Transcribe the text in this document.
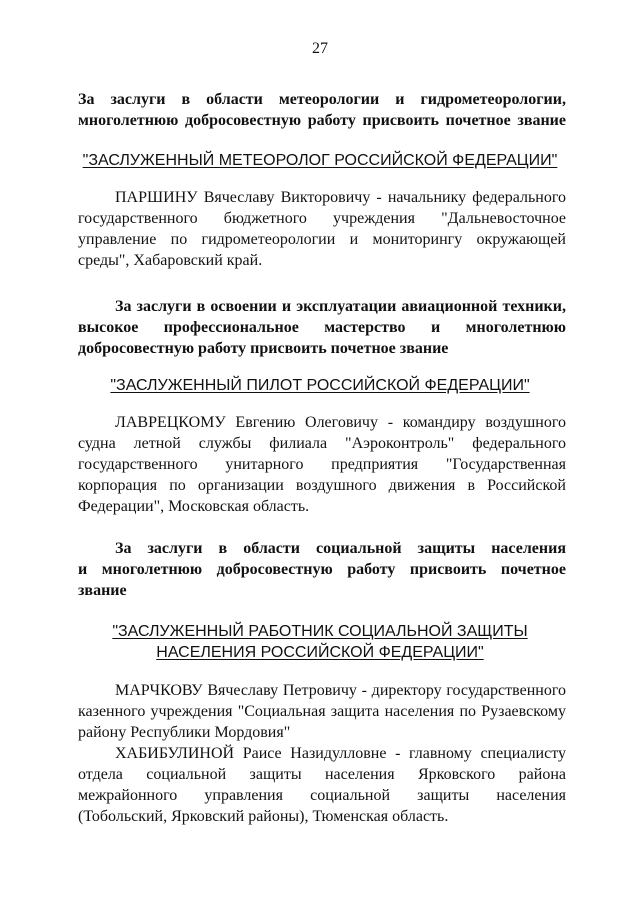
27
За заслуги в области метеорологии и гидрометеорологии,
многолетнюю добросовестную работу присвоить почетное звание
"ЗАСЛУЖЕННЫЙ МЕТЕОРОЛОГ РОССИЙСКОЙ ФЕДЕРАЦИИ"
ПАРШИНУ Вячеславу Викторовичу - начальнику федерального
государственного бюджетного учреждения "Дальневосточное
управление по гидрометеорологии и мониторингу окружающей
среды", Хабаровский край.
За заслуги в освоении и эксплуатации авиационной техники,
высокое профессиональное мастерство и многолетнюю
добросовестную работу присвоить почетное звание
"ЗАСЛУЖЕННЫЙ ПИЛОТ РОССИЙСКОЙ ФЕДЕРАЦИИ"
ЛАВРЕЦКОМУ Евгению Олеговичу - командиру воздушного
судна летной службы филиала "Аэроконтроль" федерального
государственного унитарного предприятия "Государственная
корпорация по организации воздушного движения в Российской
Федерации", Московская область.
За заслуги в области социальной защиты населения
и многолетнюю добросовестную работу присвоить почетное
звание
"ЗАСЛУЖЕННЫЙ РАБОТНИК СОЦИАЛЬНОЙ ЗАЩИТЫ
НАСЕЛЕНИЯ РОССИЙСКОЙ ФЕДЕРАЦИИ"
МАРЧКОВУ Вячеславу Петровичу - директору государственного
казенного учреждения "Социальная защита населения по Рузаевскому
району Республики Мордовия"
ХАБИБУЛИНОЙ Раисе Назидулловне - главному специалисту
отдела социальной защиты населения Ярковского района
межрайонного управления социальной защиты населения
(Тобольский, Ярковский районы), Тюменская область.
